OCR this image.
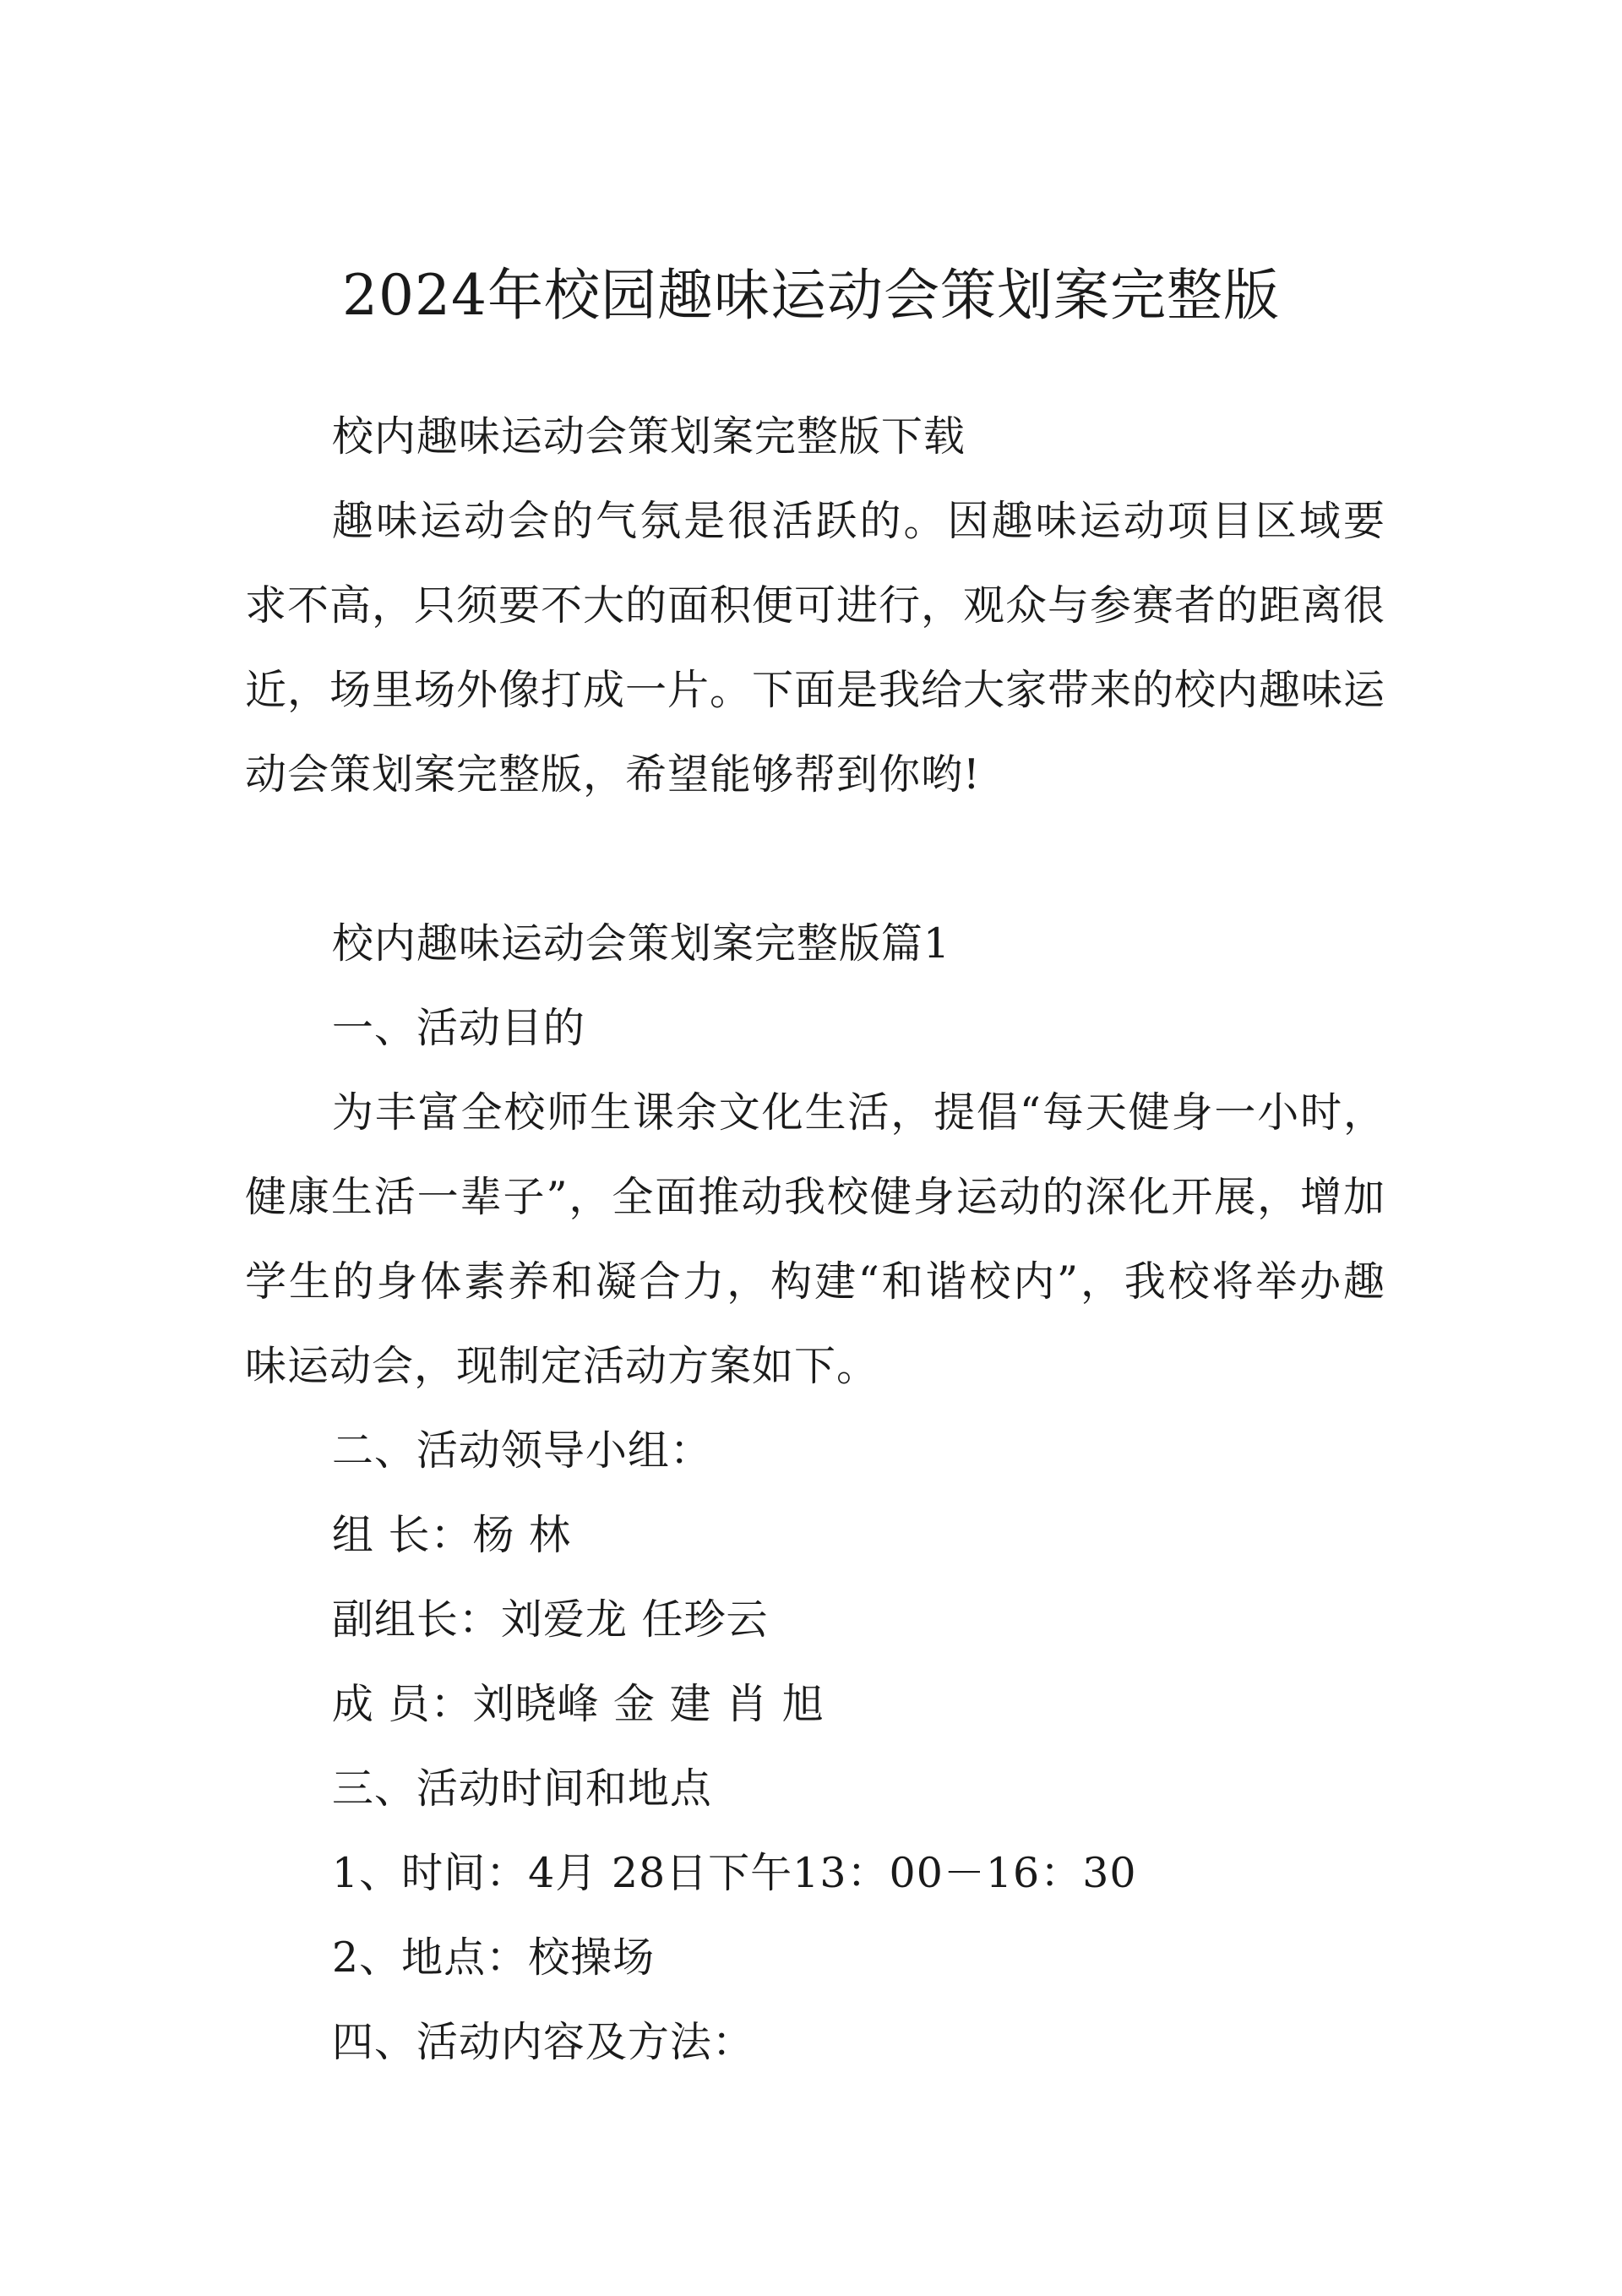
2024年校园趣味运动会策划案完整版

校内趣味运动会策划案完整版下载

趣味运动会的气氛是很活跃的。因趣味运动项目区域要求不高，只须要不大的面积便可进行，观众与参赛者的距离很近，场里场外像打成一片。下面是我给大家带来的校内趣味运动会策划案完整版，希望能够帮到你哟!

校内趣味运动会策划案完整版篇1

一、活动目的

为丰富全校师生课余文化生活，提倡“每天健身一小时，健康生活一辈子”，全面推动我校健身运动的深化开展，增加学生的身体素养和凝合力，构建“和谐校内”，我校将举办趣味运动会，现制定活动方案如下。

二、活动领导小组：

组 长：杨 林

副组长：刘爱龙 任珍云

成 员：刘晓峰 金 建 肖 旭

三、活动时间和地点

1、时间：4月 28日下午13：00－16：30

2、地点：校操场

四、活动内容及方法：
